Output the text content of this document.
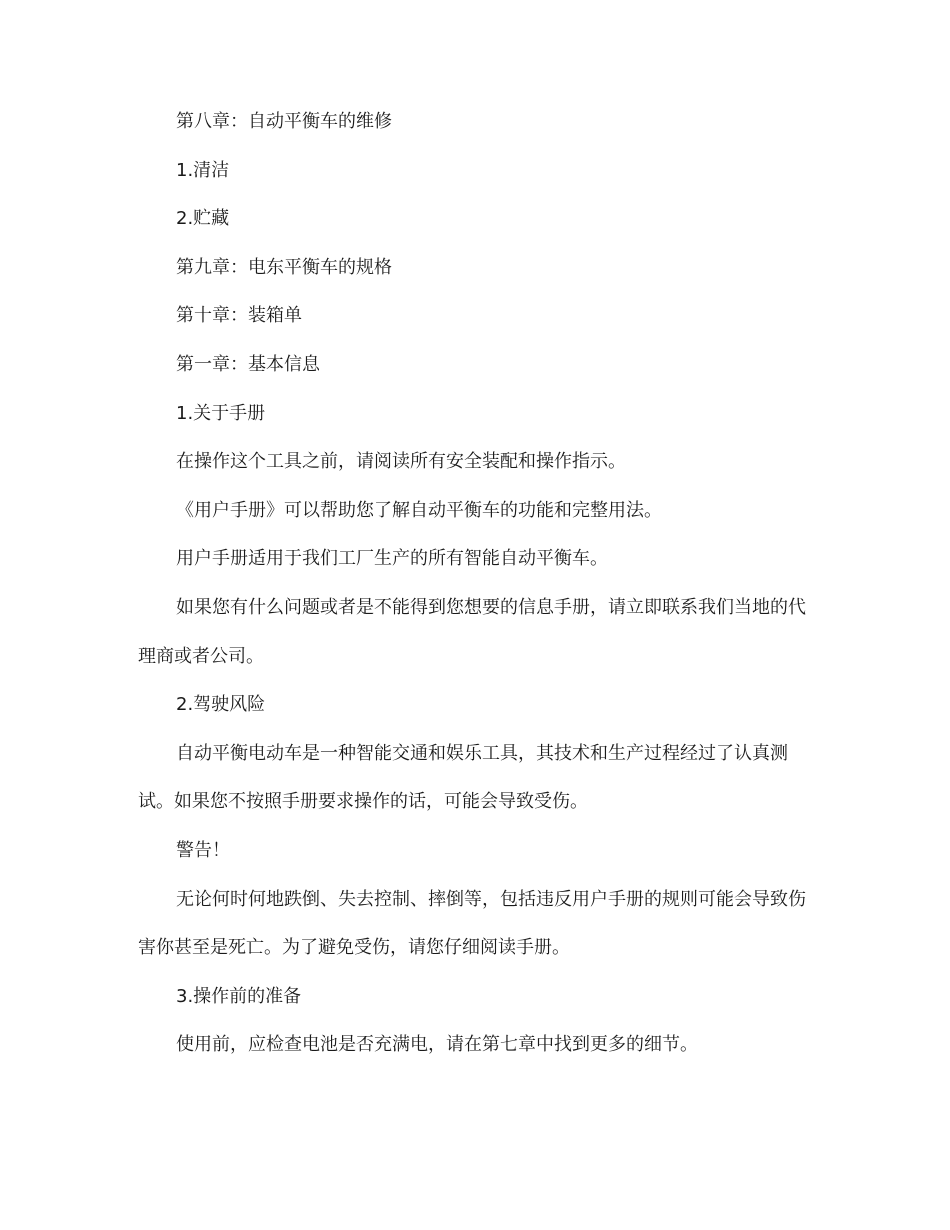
第八章：自动平衡车的维修

1.清洁

2.贮藏

第九章：电东平衡车的规格

第十章：装箱单

第一章：基本信息

1.关于手册

在操作这个工具之前，请阅读所有安全装配和操作指示。

《用户手册》可以帮助您了解自动平衡车的功能和完整用法。

用户手册适用于我们工厂生产的所有智能自动平衡车。

如果您有什么问题或者是不能得到您想要的信息手册，请立即联系我们当地的代理商或者公司。

2.驾驶风险

自动平衡电动车是一种智能交通和娱乐工具，其技术和生产过程经过了认真测试。如果您不按照手册要求操作的话，可能会导致受伤。

警告！

无论何时何地跌倒、失去控制、摔倒等，包括违反用户手册的规则可能会导致伤害你甚至是死亡。为了避免受伤，请您仔细阅读手册。

3.操作前的准备

使用前，应检查电池是否充满电，请在第七章中找到更多的细节。
